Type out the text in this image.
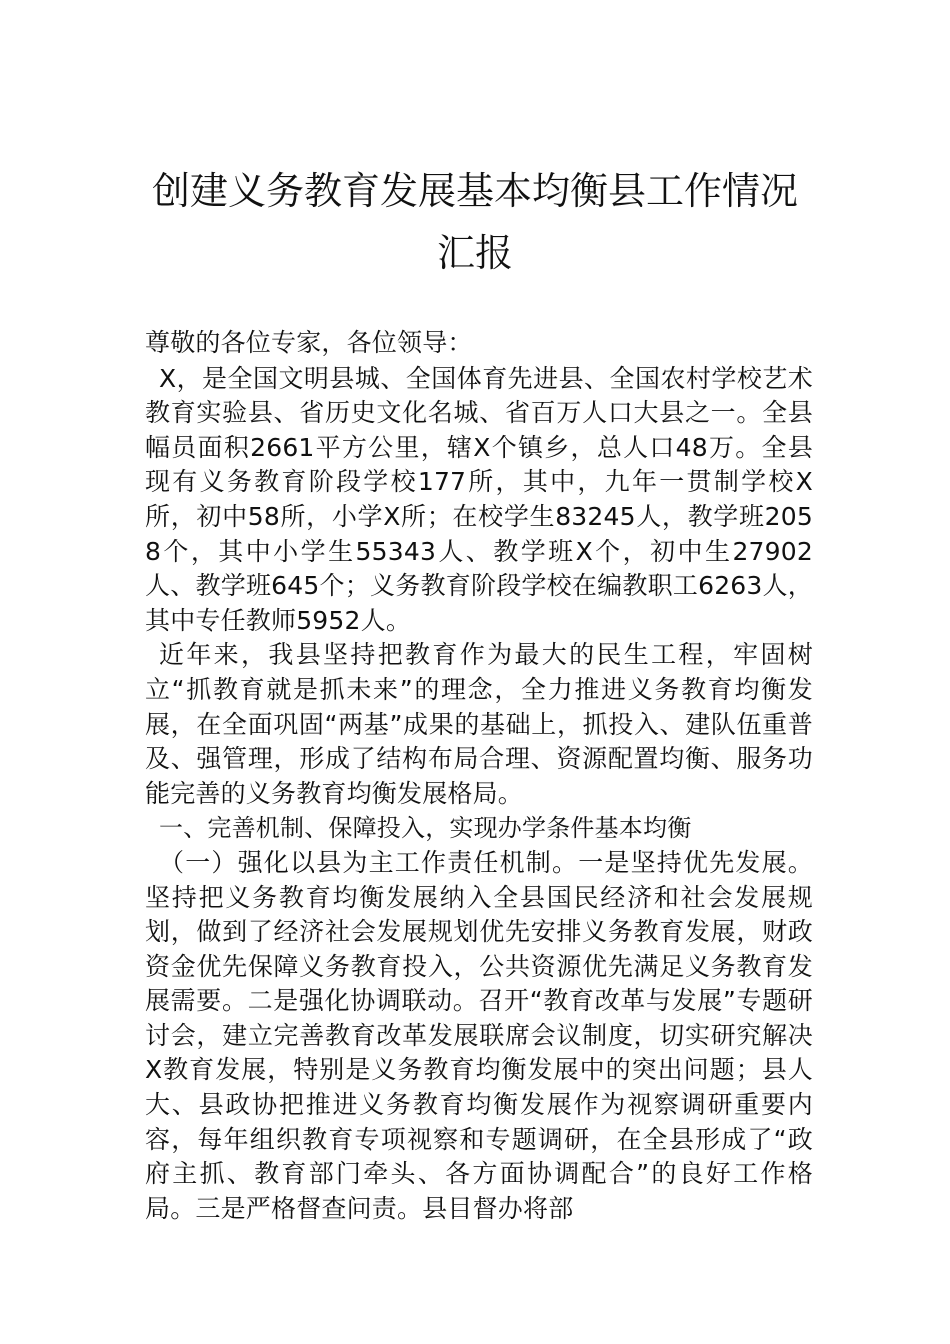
创建义务教育发展基本均衡县工作情况汇报

尊敬的各位专家，各位领导：

X，是全国文明县城、全国体育先进县、全国农村学校艺术教育实验县、省历史文化名城、省百万人口大县之一。全县幅员面积2661平方公里，辖X个镇乡，总人口48万。全县现有义务教育阶段学校177所，其中，九年一贯制学校X所，初中58所，小学X所；在校学生83245人，教学班2058个，其中小学生55343人、教学班X个，初中生27902人、教学班645个；义务教育阶段学校在编教职工6263人，其中专任教师5952人。

近年来，我县坚持把教育作为最大的民生工程，牢固树立“抓教育就是抓未来”的理念，全力推进义务教育均衡发展，在全面巩固“两基”成果的基础上，抓投入、建队伍重普及、强管理，形成了结构布局合理、资源配置均衡、服务功能完善的义务教育均衡发展格局。

一、完善机制、保障投入，实现办学条件基本均衡

（一）强化以县为主工作责任机制。一是坚持优先发展。坚持把义务教育均衡发展纳入全县国民经济和社会发展规划，做到了经济社会发展规划优先安排义务教育发展，财政资金优先保障义务教育投入，公共资源优先满足义务教育发展需要。二是强化协调联动。召开“教育改革与发展”专题研讨会，建立完善教育改革发展联席会议制度，切实研究解决X教育发展，特别是义务教育均衡发展中的突出问题；县人大、县政协把推进义务教育均衡发展作为视察调研重要内容，每年组织教育专项视察和专题调研，在全县形成了“政府主抓、教育部门牵头、各方面协调配合”的良好工作格局。三是严格督查问责。县目督办将部
